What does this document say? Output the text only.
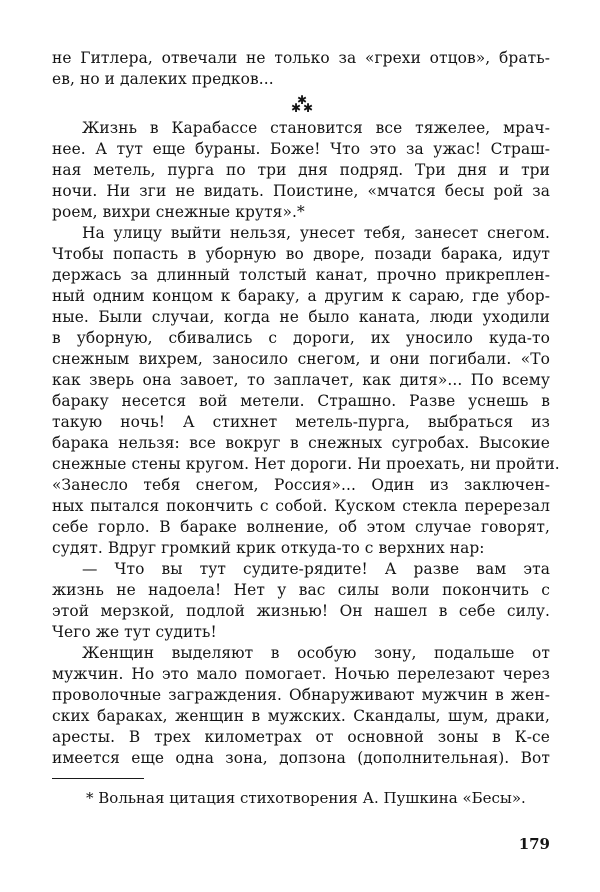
не Гитлера, отвечали не только за «грехи отцов», брать-
ев, но и далеких предков...
✱
✱ ✱
Жизнь в Карабассе становится все тяжелее, мрач-
нее. А тут еще бураны. Боже! Что это за ужас! Страш-
ная метель, пурга по три дня подряд. Три дня и три
ночи. Ни зги не видать. Поистине, «мчатся бесы рой за
роем, вихри снежные крутя».*
На улицу выйти нельзя, унесет тебя, занесет снегом.
Чтобы попасть в уборную во дворе, позади барака, идут
держась за длинный толстый канат, прочно прикреплен-
ный одним концом к бараку, а другим к сараю, где убор-
ные. Были случаи, когда не было каната, люди уходили
в уборную, сбивались с дороги, их уносило куда-то
снежным вихрем, заносило снегом, и они погибали. «То
как зверь она завоет, то заплачет, как дитя»... По всему
бараку несется вой метели. Страшно. Разве уснешь в
такую ночь! А стихнет метель-пурга, выбраться из
барака нельзя: все вокруг в снежных сугробах. Высокие
снежные стены кругом. Нет дороги. Ни проехать, ни пройти.
«Занесло тебя снегом, Россия»... Один из заключен-
ных пытался покончить с собой. Куском стекла перерезал
себе горло. В бараке волнение, об этом случае говорят,
судят. Вдруг громкий крик откуда-то с верхних нар:
— Что вы тут судите-рядите! А разве вам эта
жизнь не надоела! Нет у вас силы воли покончить с
этой мерзкой, подлой жизнью! Он нашел в себе силу.
Чего же тут судить!
Женщин выделяют в особую зону, подальше от
мужчин. Но это мало помогает. Ночью перелезают через
проволочные заграждения. Обнаруживают мужчин в жен-
ских бараках, женщин в мужских. Скандалы, шум, драки,
аресты. В трех километрах от основной зоны в К-се
имеется еще одна зона, допзона (дополнительная). Вот
* Вольная цитация стихотворения А. Пушкина «Бесы».
179
